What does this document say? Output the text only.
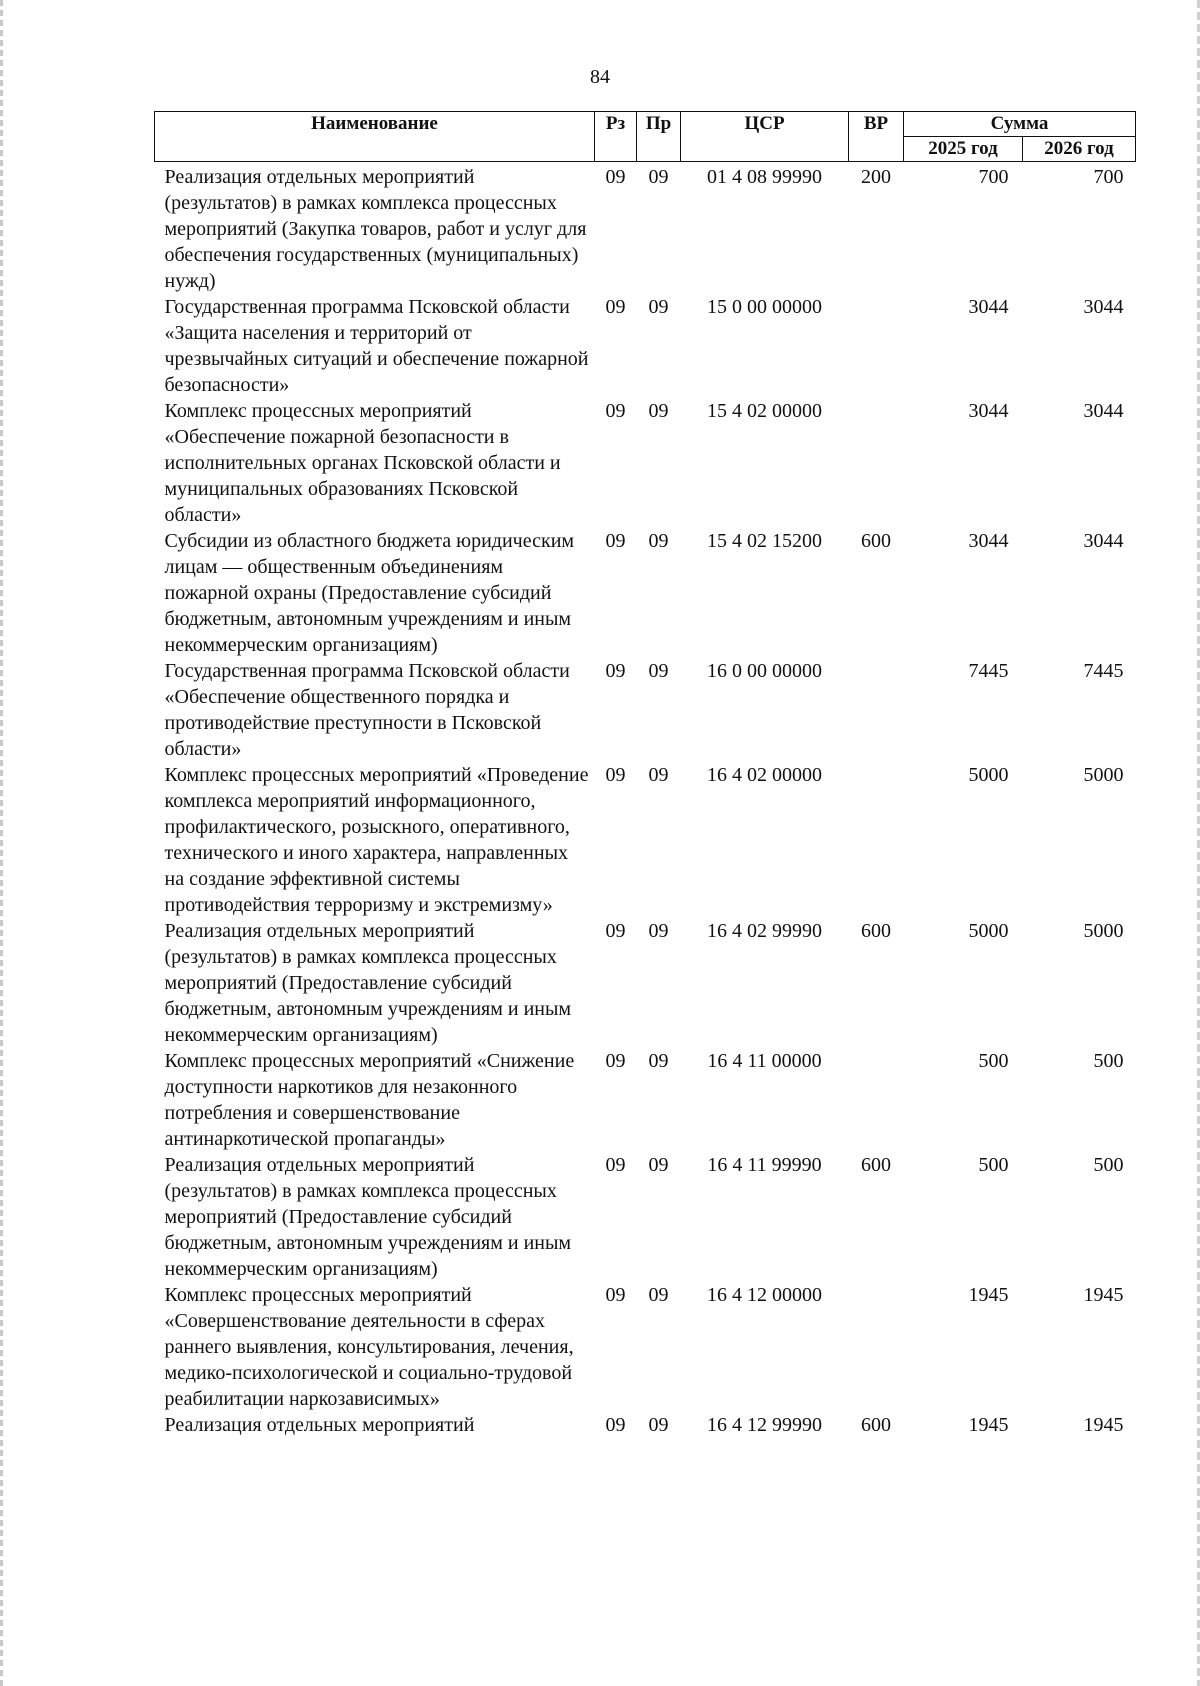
84
Наименование	Рз	Пр	ЦСР	ВР	Сумма	
					2025 год	2026 год
Реализация отдельных мероприятий (результатов) в рамках комплекса процессных мероприятий (Закупка товаров, работ и услуг для обеспечения государственных (муниципальных) нужд)	09	09	01 4 08 99990	200	700	700
Государственная программа Псковской области «Защита населения и территорий от чрезвычайных ситуаций и обеспечение пожарной безопасности»	09	09	15 0 00 00000		3044	3044
Комплекс процессных мероприятий «Обеспечение пожарной безопасности в исполнительных органах Псковской области и муниципальных образованиях Псковской области»	09	09	15 4 02 00000		3044	3044
Субсидии из областного бюджета юридическим лицам — общественным объединениям пожарной охраны (Предоставление субсидий бюджетным, автономным учреждениям и иным некоммерческим организациям)	09	09	15 4 02 15200	600	3044	3044
Государственная программа Псковской области «Обеспечение общественного порядка и противодействие преступности в Псковской области»	09	09	16 0 00 00000		7445	7445
Комплекс процессных мероприятий «Проведение комплекса мероприятий информационного, профилактического, розыскного, оперативного, технического и иного характера, направленных на создание эффективной системы противодействия терроризму и экстремизму»	09	09	16 4 02 00000		5000	5000
Реализация отдельных мероприятий (результатов) в рамках комплекса процессных мероприятий (Предоставление субсидий бюджетным, автономным учреждениям и иным некоммерческим организациям)	09	09	16 4 02 99990	600	5000	5000
Комплекс процессных мероприятий «Снижение доступности наркотиков для незаконного потребления и совершенствование антинаркотической пропаганды»	09	09	16 4 11 00000		500	500
Реализация отдельных мероприятий (результатов) в рамках комплекса процессных мероприятий (Предоставление субсидий бюджетным, автономным учреждениям и иным некоммерческим организациям)	09	09	16 4 11 99990	600	500	500
Комплекс процессных мероприятий «Совершенствование деятельности в сферах раннего выявления, консультирования, лечения, медико-психологической и социально-трудовой реабилитации наркозависимых»	09	09	16 4 12 00000		1945	1945
Реализация отдельных мероприятий	09	09	16 4 12 99990	600	1945	1945
